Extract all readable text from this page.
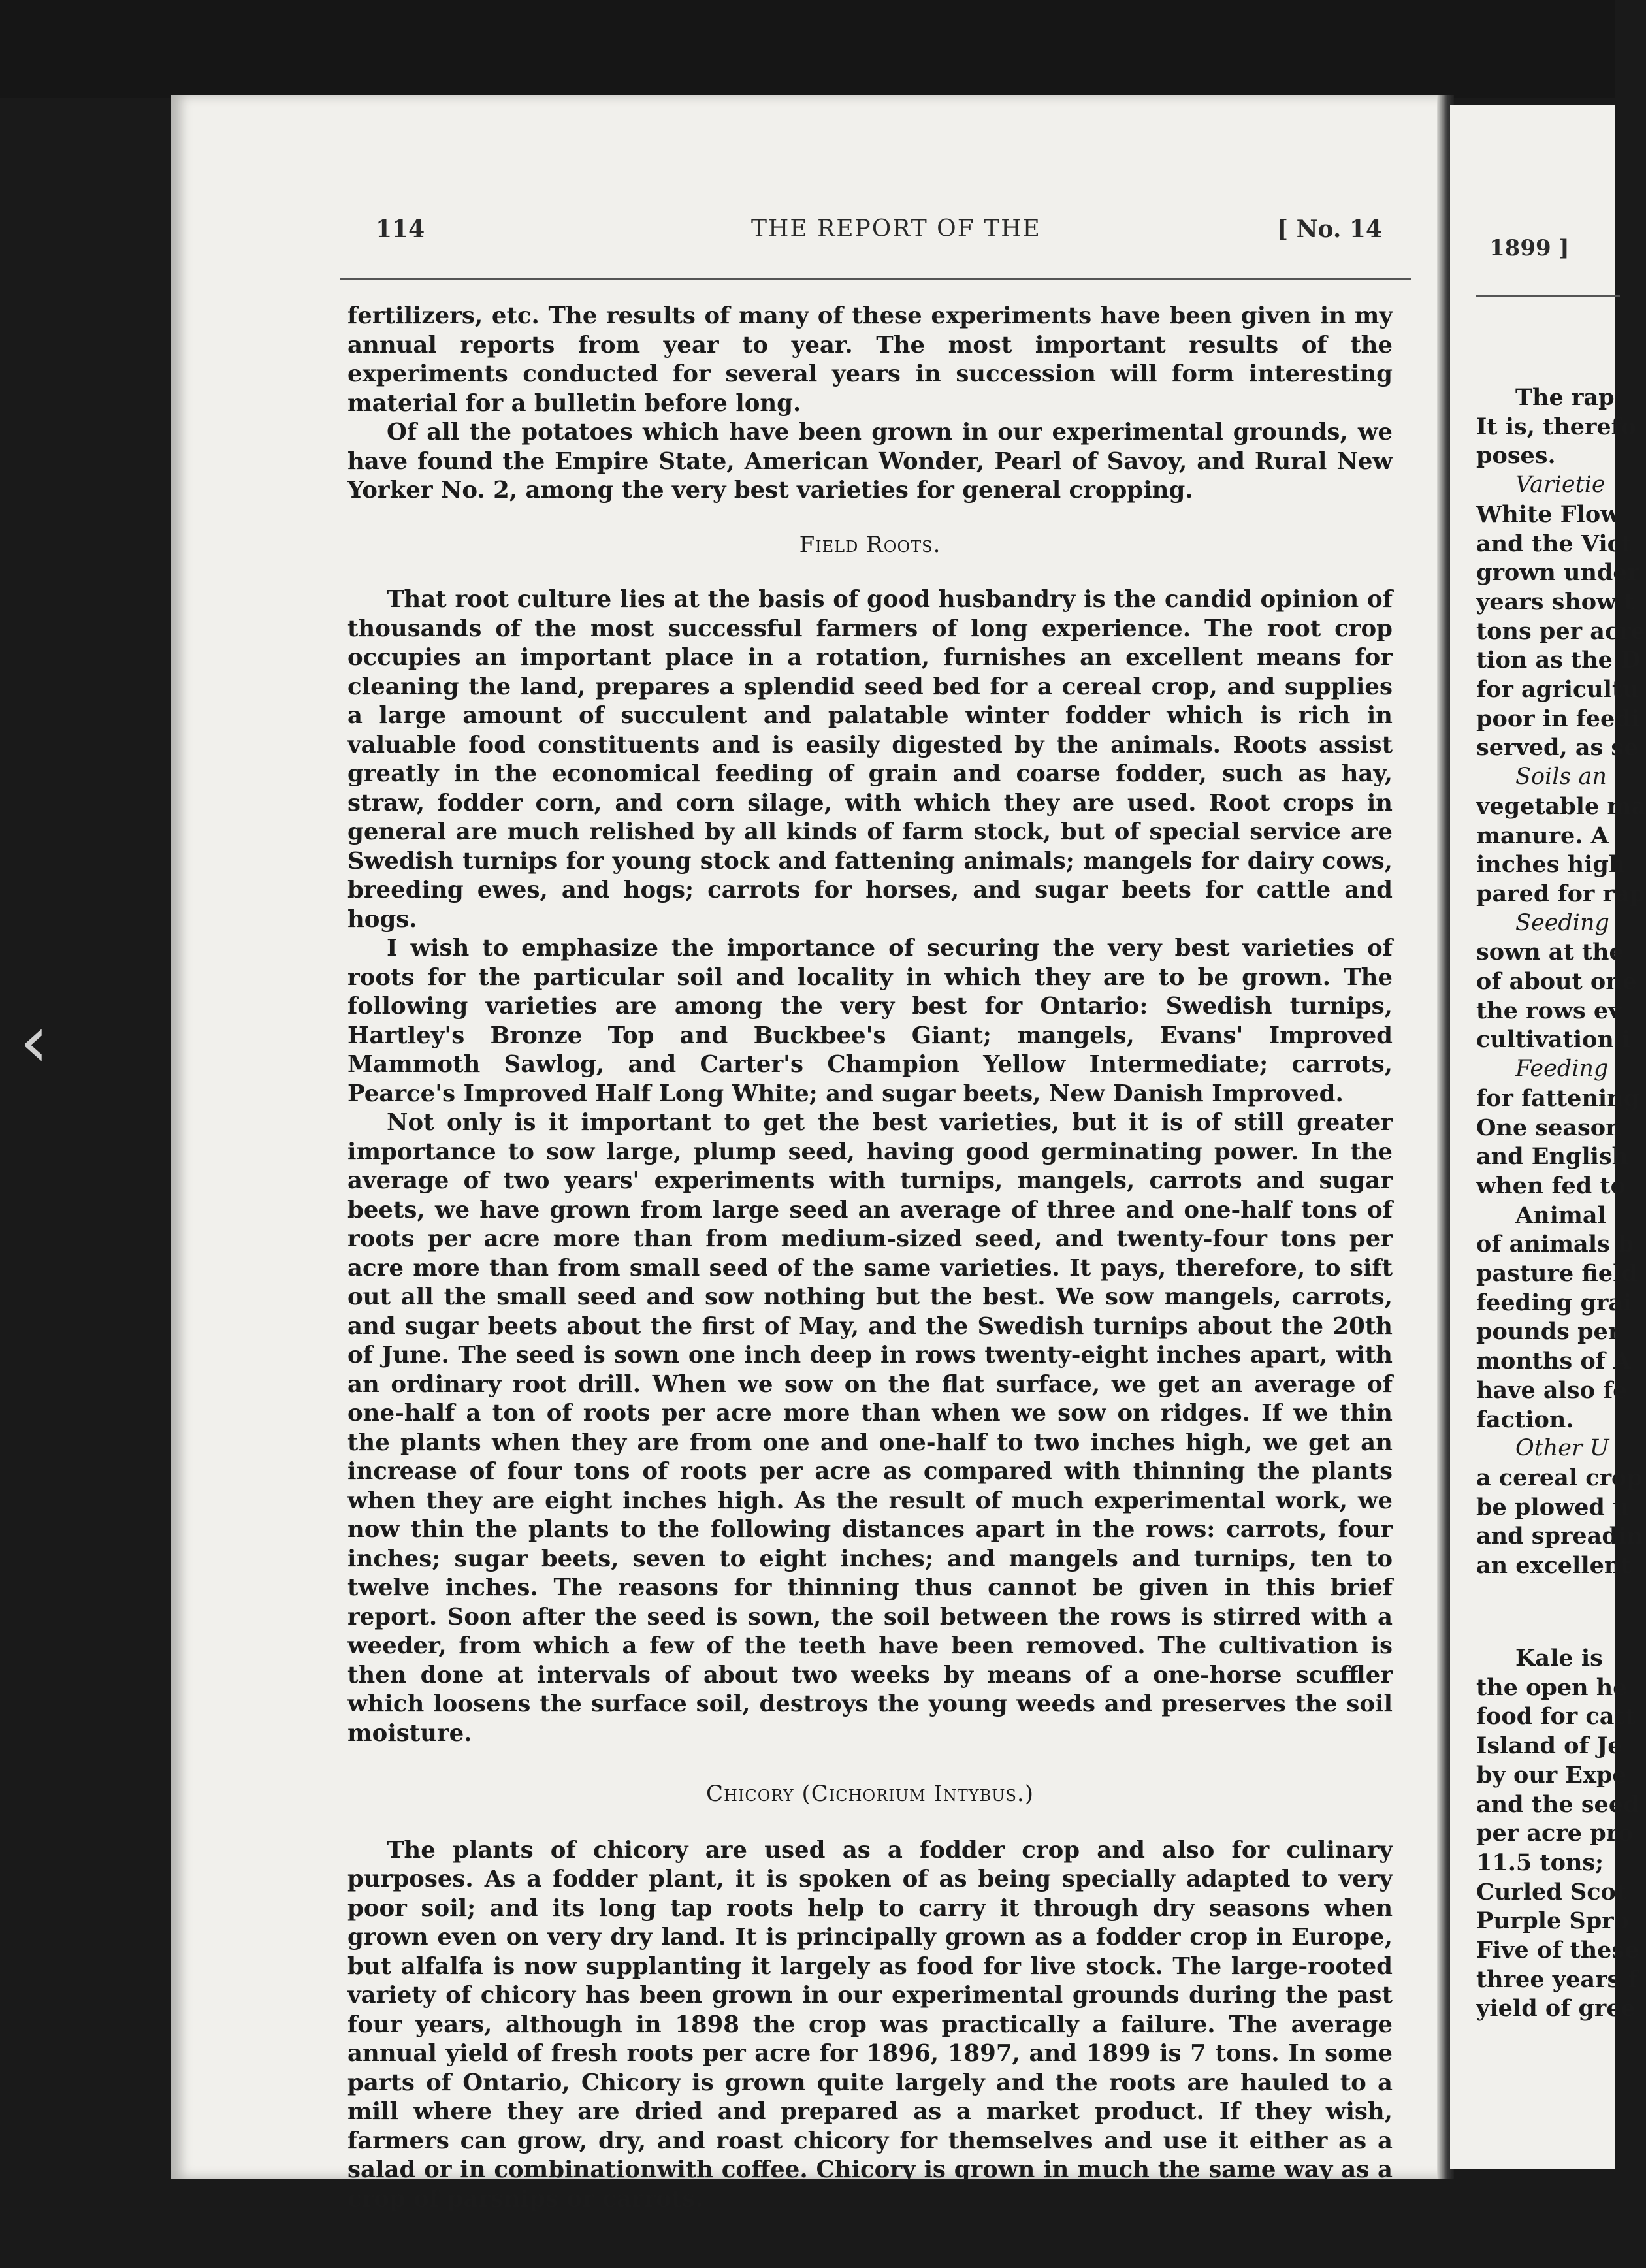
‹
114	THE REPORT OF THE	[ No. 14

fertilizers, etc. The results of many of these experiments have been given in my annual reports from year to year. The most important results of the experiments conducted for several years in succession will form interesting material for a bulletin before long.

Of all the potatoes which have been grown in our experimental grounds, we have found the Empire State, American Wonder, Pearl of Savoy, and Rural New Yorker No. 2, among the very best varieties for general cropping.

Field Roots.

That root culture lies at the basis of good husbandry is the candid opinion of thousands of the most successful farmers of long experience. The root crop occupies an important place in a rotation, furnishes an excellent means for cleaning the land, prepares a splendid seed bed for a cereal crop, and supplies a large amount of succulent and palatable winter fodder which is rich in valuable food constituents and is easily digested by the animals. Roots assist greatly in the economical feeding of grain and coarse fodder, such as hay, straw, fodder corn, and corn silage, with which they are used. Root crops in general are much relished by all kinds of farm stock, but of special service are Swedish turnips for young stock and fattening animals; mangels for dairy cows, breeding ewes, and hogs; carrots for horses, and sugar beets for cattle and hogs.

I wish to emphasize the importance of securing the very best varieties of roots for the particular soil and locality in which they are to be grown. The following varieties are among the very best for Ontario: Swedish turnips, Hartley's Bronze Top and Buckbee's Giant; mangels, Evans' Improved Mammoth Sawlog, and Carter's Champion Yellow Intermediate; carrots, Pearce's Improved Half Long White; and sugar beets, New Danish Improved.

Not only is it important to get the best varieties, but it is of still greater importance to sow large, plump seed, having good germinating power. In the average of two years' experiments with turnips, mangels, carrots and sugar beets, we have grown from large seed an average of three and one-half tons of roots per acre more than from medium-sized seed, and twenty-four tons per acre more than from small seed of the same varieties. It pays, therefore, to sift out all the small seed and sow nothing but the best. We sow mangels, carrots, and sugar beets about the first of May, and the Swedish turnips about the 20th of June. The seed is sown one inch deep in rows twenty-eight inches apart, with an ordinary root drill. When we sow on the flat surface, we get an average of one-half a ton of roots per acre more than when we sow on ridges. If we thin the plants when they are from one and one-half to two inches high, we get an increase of four tons of roots per acre as compared with thinning the plants when they are eight inches high. As the result of much experimental work, we now thin the plants to the following distances apart in the rows: carrots, four inches; sugar beets, seven to eight inches; and mangels and turnips, ten to twelve inches. The reasons for thinning thus cannot be given in this brief report. Soon after the seed is sown, the soil between the rows is stirred with a weeder, from which a few of the teeth have been removed. The cultivation is then done at intervals of about two weeks by means of a one-horse scuffler which loosens the surface soil, destroys the young weeds and preserves the soil moisture.

Chicory (Cichorium Intybus.)

The plants of chicory are used as a fodder crop and also for culinary purposes. As a fodder plant, it is spoken of as being specially adapted to very poor soil; and its long tap roots help to carry it through dry seasons when grown even on very dry land. It is principally grown as a fodder crop in Europe, but alfalfa is now supplanting it largely as food for live stock. The large-rooted variety of chicory has been grown in our experimental grounds during the past four years, although in 1898 the crop was practically a failure. The average annual yield of fresh roots per acre for 1896, 1897, and 1899 is 7 tons. In some parts of Ontario, Chicory is grown quite largely and the roots are hauled to a mill where they are dried and prepared as a market product. If they wish, farmers can grow, dry, and roast chicory for themselves and use it either as a salad or in combinationwith coffee. Chicory is grown in much the same way as a crop of parsnips or carrots.

1899 ]
The rap
It is, therefo
poses.
Varietie
White Flow
and the Vict
grown under
years show t
tons per acre
tion as the D
for agricultu
poor in feedi
served, as se
Soils an
vegetable ma
manure. A
inches high
pared for rap
Seeding
sown at the
of about one
the rows ev
cultivation i
Feeding
for fattening
One season
and English
when fed to
Animal
of animals b
pasture field
feeding grai
pounds per
months of A
have also fe
faction.
Other U
a cereal crop
be plowed u
and spreadin
an excellent
Kale is
the open he
food for catt
Island of Je
by our Expe
and the seed
per acre pro
11.5 tons;
Curled Scot
Purple Spro
Five of these
three years f
yield of gree
